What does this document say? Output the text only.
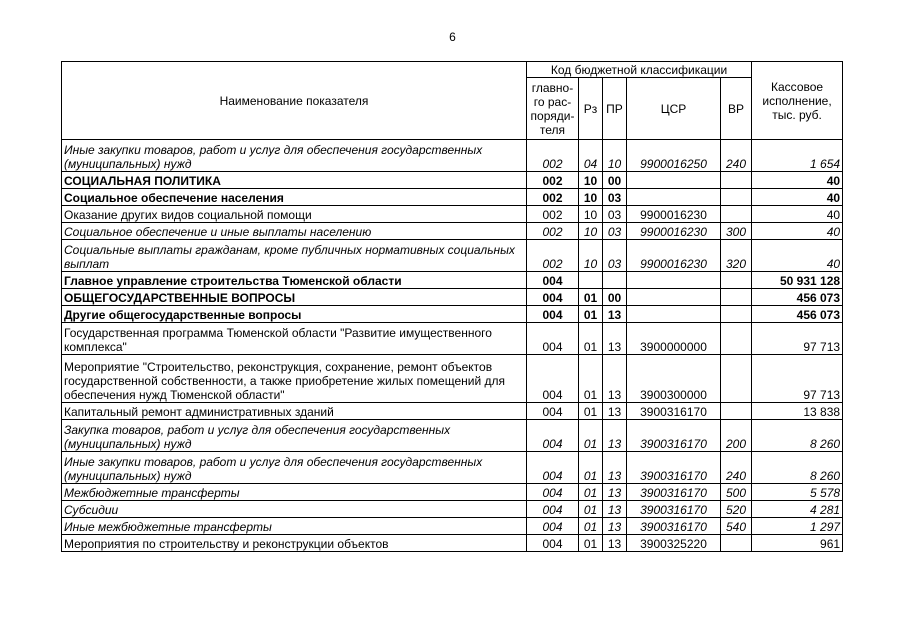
6
Наименование показателя	Код бюджетной классификации					Кассовое исполнение, тыс. руб.
	главно-го рас-поряди-теля	Рз	ПР	ЦСР	ВР	
Иные закупки товаров, работ и услуг для обеспечения государственных (муниципальных) нужд	002	04	10	9900016250	240	1 654
СОЦИАЛЬНАЯ ПОЛИТИКА	002	10	00			40
Социальное обеспечение населения	002	10	03			40
Оказание других видов социальной помощи	002	10	03	9900016230		40
Социальное обеспечение и иные выплаты населению	002	10	03	9900016230	300	40
Социальные выплаты гражданам, кроме публичных нормативных социальных выплат	002	10	03	9900016230	320	40
Главное управление строительства Тюменской области	004					50 931 128
ОБЩЕГОСУДАРСТВЕННЫЕ ВОПРОСЫ	004	01	00			456 073
Другие общегосударственные вопросы	004	01	13			456 073
Государственная программа Тюменской области "Развитие имущественного комплекса"	004	01	13	3900000000		97 713
Мероприятие "Строительство, реконструкция, сохранение, ремонт объектов государственной собственности, а также приобретение жилых помещений для обеспечения нужд Тюменской области"	004	01	13	3900300000		97 713
Капитальный ремонт административных зданий	004	01	13	3900316170		13 838
Закупка товаров, работ и услуг для обеспечения государственных (муниципальных) нужд	004	01	13	3900316170	200	8 260
Иные закупки товаров, работ и услуг для обеспечения государственных (муниципальных) нужд	004	01	13	3900316170	240	8 260
Межбюджетные трансферты	004	01	13	3900316170	500	5 578
Субсидии	004	01	13	3900316170	520	4 281
Иные межбюджетные трансферты	004	01	13	3900316170	540	1 297
Мероприятия по строительству и реконструкции объектов	004	01	13	3900325220		961
